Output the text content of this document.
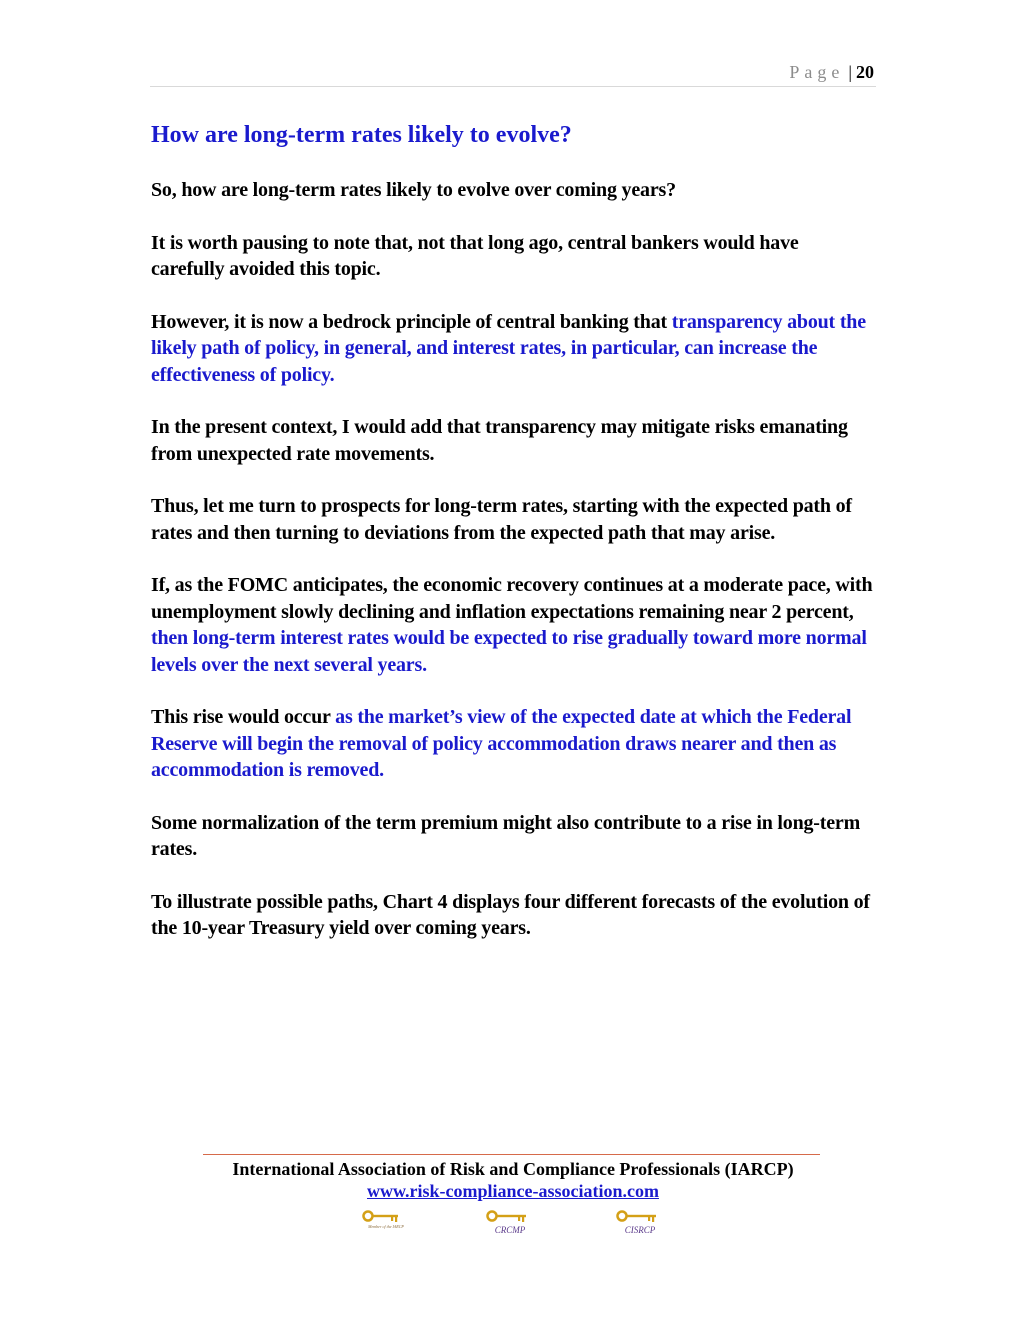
Page | 20
How are long-term rates likely to evolve?

So, how are long-term rates likely to evolve over coming years?

It is worth pausing to note that, not that long ago, central bankers would have carefully avoided this topic.

However, it is now a bedrock principle of central banking that transparency about the likely path of policy, in general, and interest rates, in particular, can increase the effectiveness of policy.

In the present context, I would add that transparency may mitigate risks emanating from unexpected rate movements.

Thus, let me turn to prospects for long-term rates, starting with the expected path of rates and then turning to deviations from the expected path that may arise.

If, as the FOMC anticipates, the economic recovery continues at a moderate pace, with unemployment slowly declining and inflation expectations remaining near 2 percent, then long-term interest rates would be expected to rise gradually toward more normal levels over the next several years.

This rise would occur as the market’s view of the expected date at which the Federal Reserve will begin the removal of policy accommodation draws nearer and then as accommodation is removed.

Some normalization of the term premium might also contribute to a rise in long-term rates.

To illustrate possible paths, Chart 4 displays four different forecasts of the evolution of the 10-year Treasury yield over coming years.

International Association of Risk and Compliance Professionals (IARCP)
www.risk-compliance-association.com
Member of the IARCP	CRCMP	CISRCP
